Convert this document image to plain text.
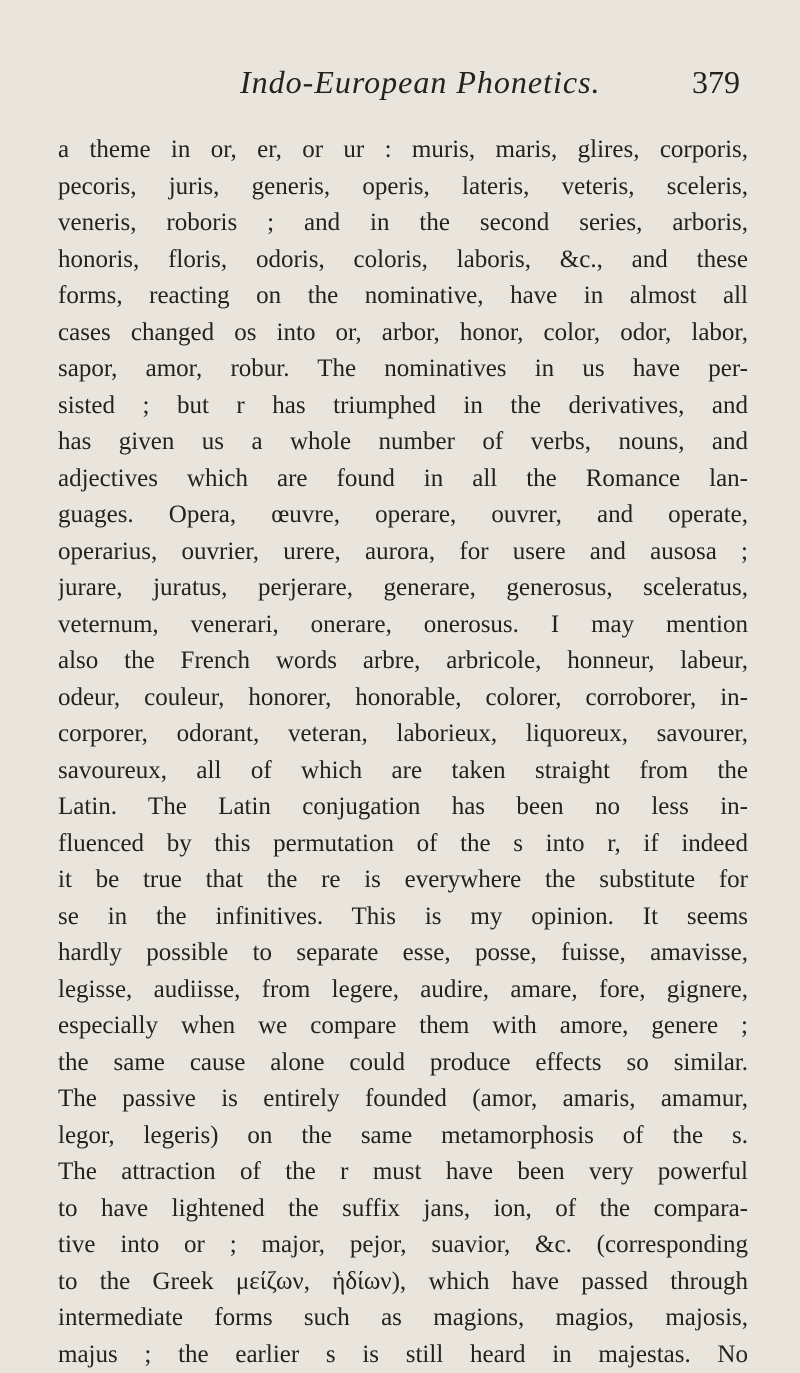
Indo-European Phonetics.	379
a theme in or, er, or ur : muris, maris, glires, corporis,
pecoris, juris, generis, operis, lateris, veteris, sceleris,
veneris, roboris ; and in the second series, arboris,
honoris, floris, odoris, coloris, laboris, &c., and these
forms, reacting on the nominative, have in almost all
cases changed os into or, arbor, honor, color, odor, labor,
sapor, amor, robur. The nominatives in us have per-
sisted ; but r has triumphed in the derivatives, and
has given us a whole number of verbs, nouns, and
adjectives which are found in all the Romance lan-
guages. Opera, œuvre, operare, ouvrer, and operate,
operarius, ouvrier, urere, aurora, for usere and ausosa ;
jurare, juratus, perjerare, generare, generosus, sceleratus,
veternum, venerari, onerare, onerosus. I may mention
also the French words arbre, arbricole, honneur, labeur,
odeur, couleur, honorer, honorable, colorer, corroborer, in-
corporer, odorant, veteran, laborieux, liquoreux, savourer,
savoureux, all of which are taken straight from the
Latin. The Latin conjugation has been no less in-
fluenced by this permutation of the s into r, if indeed
it be true that the re is everywhere the substitute for
se in the infinitives. This is my opinion. It seems
hardly possible to separate esse, posse, fuisse, amavisse,
legisse, audiisse, from legere, audire, amare, fore, gignere,
especially when we compare them with amore, genere ;
the same cause alone could produce effects so similar.
The passive is entirely founded (amor, amaris, amamur,
legor, legeris) on the same metamorphosis of the s.
The attraction of the r must have been very powerful
to have lightened the suffix jans, ion, of the compara-
tive into or ; major, pejor, suavior, &c. (corresponding
to the Greek μείζων, ἡδίων), which have passed through
intermediate forms such as magions, magios, majosis,
majus ; the earlier s is still heard in majestas. No
